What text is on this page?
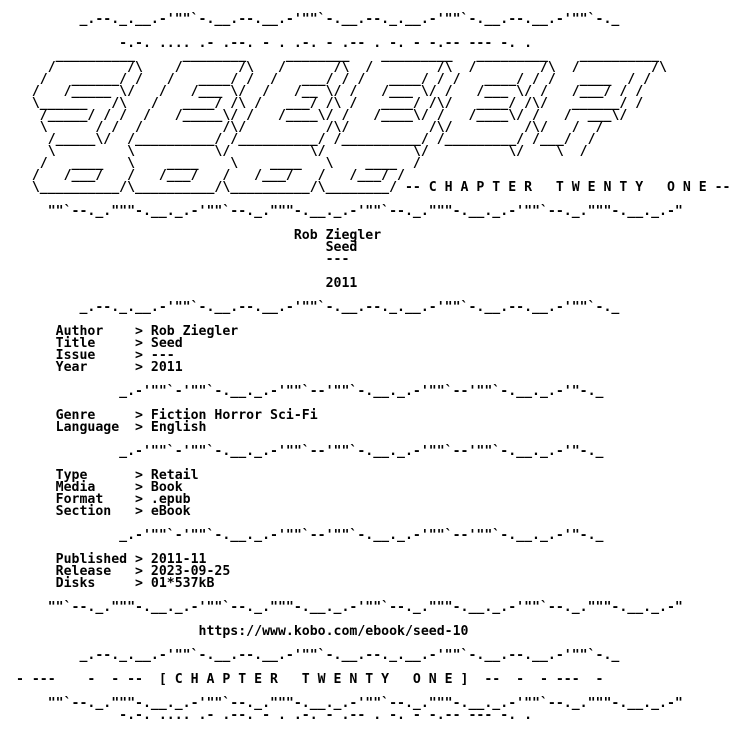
_.--._.__.-'""`-.__.--.__.-'""`-.__.--._.__.-'""`-.__.--.__.-'""`-._

-.-. .... .- .--. - . .-. - .-- . -. - -.-- --- -. .
__________      ________     ________    _________   _________    __________
/         /\    /       /\   /      /\  /        /\  /        /\  /         /\
/   ______/ /   /   ____/ /  /   ___/ / /   ____/ / /   ____/ / /   ____  / /
/   /_____ \/   /   /___ \/  /   /__ \/ /   /___ \/ /   /___ \/ /   /___/ / /
\______   /\   /   ____/ /\ /   ___/ /\ /   ____/ /\/   ____/ /\/   ______/ /
/_____/ / /  /   /_____\/ /   /____\/ /   /____\/ /   /____\/ /   /  ___\/
\      / /  /          /\/          /\/          /\/         /\/   /  /
/_____\/  /__________/ /__________/ /__________/ /_________/ /___/  /
\         \          \/          \/           \/          \/    \  /
/   ____   \    ____    \    ____   \    ____  /
/   /___/   /   /___/   /   /___/   /   /___/ /
\__________/\__________/\__________/\________/ -- C H A P T E R   T W E N T Y   O N E --

""`--._."""-.__._.-'""`--._."""-.__._.-'""`--._."""-.__._.-'""`--._."""-.__._.-"

Rob Ziegler
Seed
---

2011

_.--._.__.-'""`-.__.--.__.-'""`-.__.--._.__.-'""`-.__.--.__.-'""`-._

Author    > Rob Ziegler
Title     > Seed
Issue     > ---
Year      > 2011

_.-'""`-'""`-.__._.-'""`--'""`-.__._.-'""`--'""`-.__._.-'"-._

Genre     > Fiction Horror Sci-Fi
Language  > English

_.-'""`-'""`-.__._.-'""`--'""`-.__._.-'""`--'""`-.__._.-'"-._

Type      > Retail
Media     > Book
Format    > .epub
Section   > eBook

_.-'""`-'""`-.__._.-'""`--'""`-.__._.-'""`--'""`-.__._.-'"-._

Published > 2011-11
Release   > 2023-09-25
Disks     > 01*537kB

""`--._."""-.__._.-'""`--._."""-.__._.-'""`--._."""-.__._.-'""`--._."""-.__._.-"

https://www.kobo.com/ebook/seed-10

_.--._.__.-'""`-.__.--.__.-'""`-.__.--._.__.-'""`-.__.--.__.-'""`-._

- ---    -  - --  [ C H A P T E R   T W E N T Y   O N E ]  --  -  - ---  -

""`--._."""-.__._.-'""`--._."""-.__._.-'""`--._."""-.__._.-'""`--._."""-.__._.-"
-.-. .... .- .--. - . .-. - .-- . -. - -.-- --- -. .
